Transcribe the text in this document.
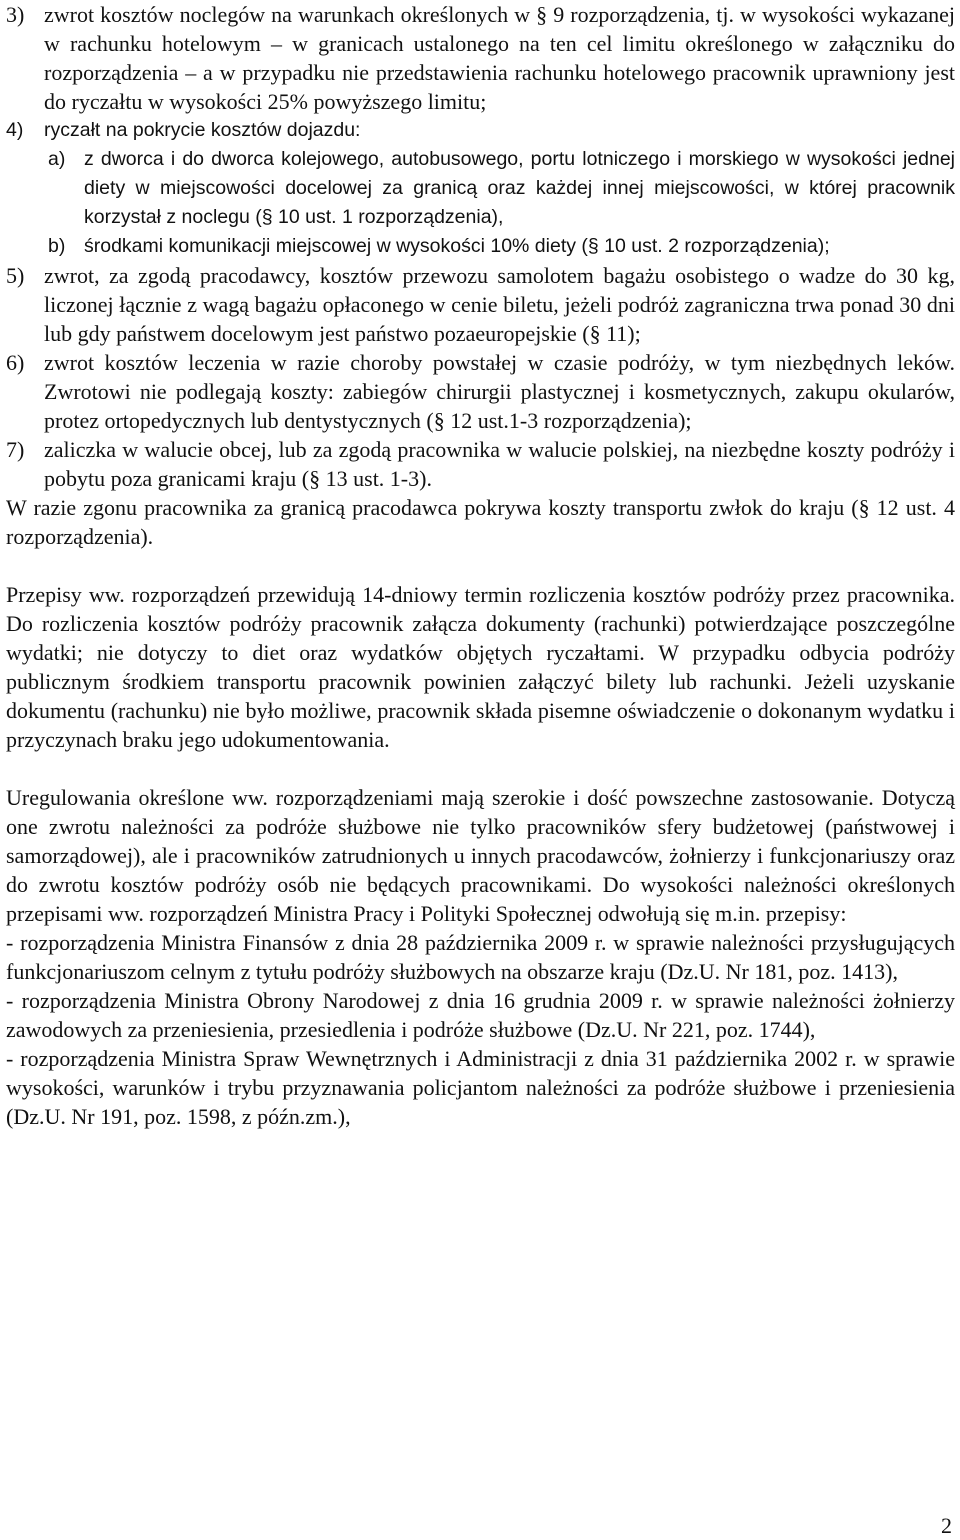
3) zwrot kosztów noclegów na warunkach określonych w § 9 rozporządzenia, tj. w wysokości wykazanej w rachunku hotelowym – w granicach ustalonego na ten cel limitu określonego w załączniku do rozporządzenia – a w przypadku nie przedstawienia rachunku hotelowego pracownik uprawniony jest do ryczałtu w wysokości 25% powyższego limitu;

4) ryczałt na pokrycie kosztów dojazdu:

a) z dworca i do dworca kolejowego, autobusowego, portu lotniczego i morskiego w wysokości jednej diety w miejscowości docelowej za granicą oraz każdej innej miejscowości, w której pracownik korzystał z noclegu (§ 10 ust. 1 rozporządzenia),

b) środkami komunikacji miejscowej w wysokości 10% diety (§ 10 ust. 2 rozporządzenia);

5) zwrot, za zgodą pracodawcy, kosztów przewozu samolotem bagażu osobistego o wadze do 30 kg, liczonej łącznie z wagą bagażu opłaconego w cenie biletu, jeżeli podróż zagraniczna trwa ponad 30 dni lub gdy państwem docelowym jest państwo pozaeuropejskie (§ 11);

6) zwrot kosztów leczenia w razie choroby powstałej w czasie podróży, w tym niezbędnych leków. Zwrotowi nie podlegają koszty: zabiegów chirurgii plastycznej i kosmetycznych, zakupu okularów, protez ortopedycznych lub dentystycznych (§ 12 ust.1-3 rozporządzenia);

7) zaliczka w walucie obcej, lub za zgodą pracownika w walucie polskiej, na niezbędne koszty podróży i pobytu poza granicami kraju (§ 13 ust. 1-3).

W razie zgonu pracownika za granicą pracodawca pokrywa koszty transportu zwłok do kraju (§ 12 ust. 4 rozporządzenia).

Przepisy ww. rozporządzeń przewidują 14-dniowy termin rozliczenia kosztów podróży przez pracownika. Do rozliczenia kosztów podróży pracownik załącza dokumenty (rachunki) potwierdzające poszczególne wydatki; nie dotyczy to diet oraz wydatków objętych ryczałtami. W przypadku odbycia podróży publicznym środkiem transportu pracownik powinien załączyć bilety lub rachunki. Jeżeli uzyskanie dokumentu (rachunku) nie było możliwe, pracownik składa pisemne oświadczenie o dokonanym wydatku i przyczynach braku jego udokumentowania.

Uregulowania określone ww. rozporządzeniami mają szerokie i dość powszechne zastosowanie. Dotyczą one zwrotu należności za podróże służbowe nie tylko pracowników sfery budżetowej (państwowej i samorządowej), ale i pracowników zatrudnionych u innych pracodawców, żołnierzy i funkcjonariuszy oraz do zwrotu kosztów podróży osób nie będących pracownikami. Do wysokości należności określonych przepisami ww. rozporządzeń Ministra Pracy i Polityki Społecznej odwołują się m.in. przepisy:

- rozporządzenia Ministra Finansów z dnia 28 października 2009 r. w sprawie należności przysługujących funkcjonariuszom celnym z tytułu podróży służbowych na obszarze kraju (Dz.U. Nr 181, poz. 1413),

- rozporządzenia Ministra Obrony Narodowej z dnia 16 grudnia 2009 r. w sprawie należności żołnierzy zawodowych za przeniesienia, przesiedlenia i podróże służbowe (Dz.U. Nr 221, poz. 1744),

- rozporządzenia Ministra Spraw Wewnętrznych i Administracji z dnia 31 października 2002 r. w sprawie wysokości, warunków i trybu przyznawania policjantom należności za podróże służbowe i przeniesienia (Dz.U. Nr 191, poz. 1598, z późn.zm.),

2
